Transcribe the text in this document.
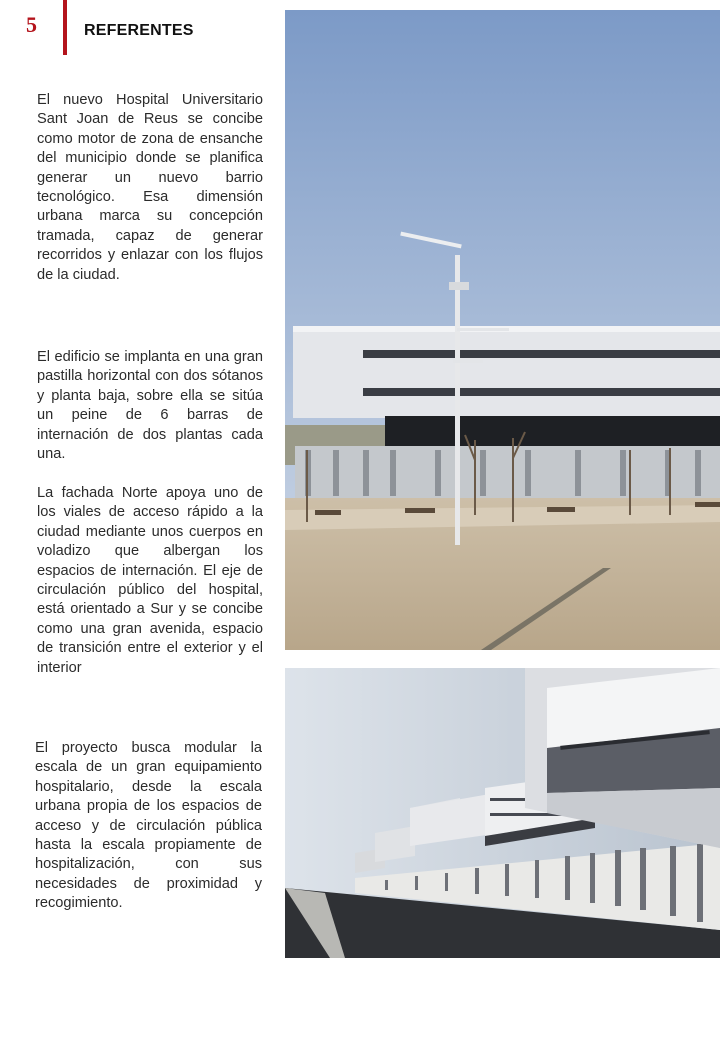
5	REFERENTES

El nuevo Hospital Universitario Sant Joan de Reus se concibe como motor de zona de ensanche del municipio donde se planifica generar un nuevo barrio tecnológico. Esa dimensión urbana marca su concepción tramada, capaz de generar recorridos y enlazar con los flujos de la ciudad.

El edificio se implanta en una gran pastilla horizontal con dos sótanos y planta baja, sobre ella se sitúa un peine de 6 barras de internación de dos plantas cada una.

La fachada Norte apoya uno de los viales de acceso rápido a la ciudad mediante unos cuerpos en voladizo que albergan los espacios de internación. El eje de circulación público del hospital, está orientado a Sur y se concibe como una gran avenida, espacio de transición entre el exterior y el interior

El proyecto busca modular la escala de un gran equipamiento hospitalario, desde la escala urbana propia de los espacios de acceso y de circulación pública hasta la escala propiamente de hospitalización, con sus necesidades de proximidad y recogimiento.
